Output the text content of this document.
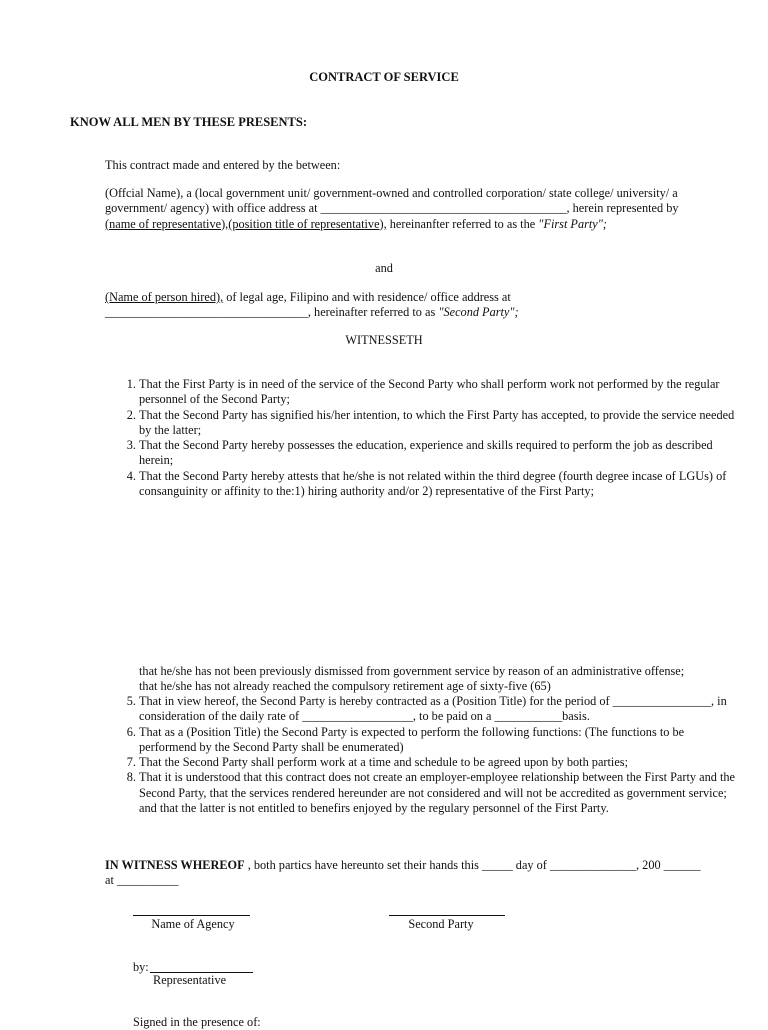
CONTRACT OF SERVICE
KNOW ALL MEN BY THESE PRESENTS:
This contract made and entered by the between:
(Offcial Name), a (local government unit/ government-owned and controlled corporation/ state college/ university/ a government/ agency) with office address at ________________________________________, herein represented by (name of representative),(position title of representative), hereinanfter referred to as the "First Party";
and
(Name of person hired), of legal age, Filipino and with residence/ office address at
_________________________________, hereinafter referred to as "Second Party";
WITNESSETH
1. That the First Party is in need of the service of the Second Party who shall perform work not performed by the regular personnel of the Second Party;
2. That the Second Party has signified his/her intention, to which the First Party has accepted, to provide the service needed by the latter;
3. That the Second Party hereby possesses the education, experience and skills required to perform the job as described herein;
4. That the Second Party hereby attests that he/she is not related within the third degree (fourth degree incase of LGUs) of consanguinity or affinity to the:1) hiring authority and/or 2) representative of the First Party;
that he/she has not been previously dismissed from government service by reason of an administrative offense; that he/she has not already reached the compulsory retirement age of sixty-five (65)
5. That in view hereof, the Second Party is hereby contracted as a (Position Title) for the period of ________________, in consideration of the daily rate of __________________, to be paid on a ___________basis.
6. That as a (Position Title) the Second Party is expected to perform the following functions: (The functions to be performend by the Second Party shall be enumerated)
7. That the Second Party shall perform work at a time and schedule to be agreed upon by both parties;
8. That it is understood that this contract does not create an employer-employee relationship between the First Party and the Second Party, that the services rendered hereunder are not considered and will not be accredited as government service; and that the latter is not entitled to benefirs enjoyed by the regulary personnel of the First Party.
IN WITNESS WHEREOF , both partics have hereunto set their hands this _____ day of ______________, 200 ______ at __________
Name of Agency	Second Party
by:
Representative
Signed in the presence of:
